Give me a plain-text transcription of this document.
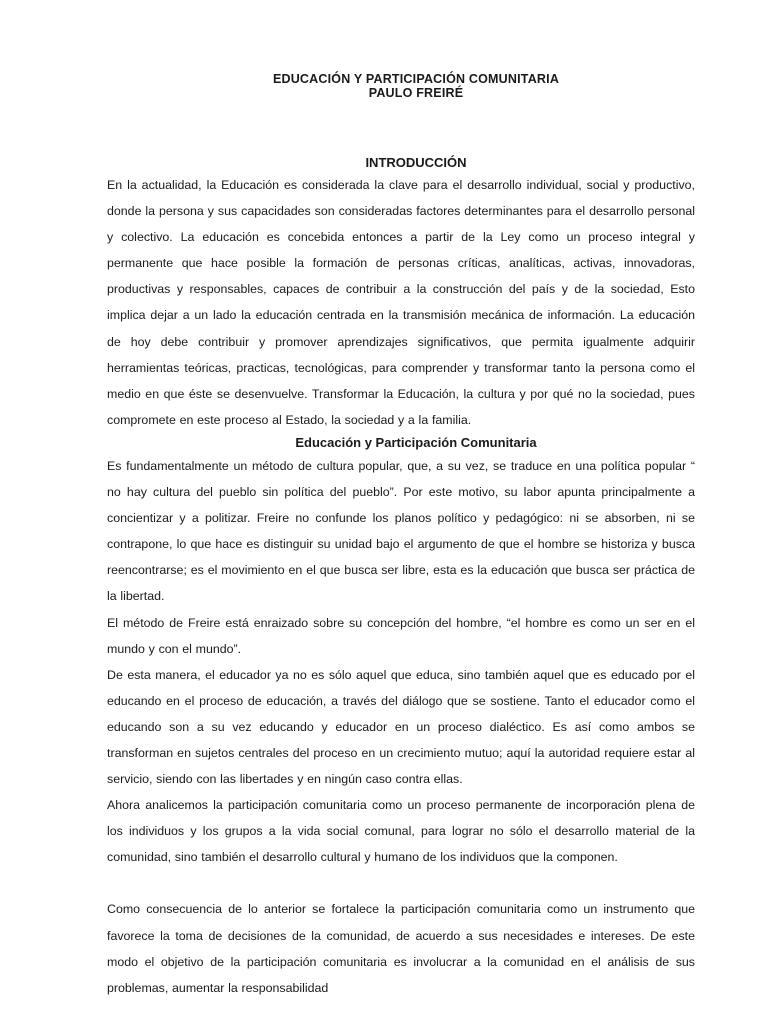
EDUCACIÓN Y PARTICIPACIÓN COMUNITARIA
PAULO FREIRÉ
INTRODUCCIÓN

En la actualidad, la Educación es considerada la clave para el desarrollo individual, social y productivo, donde la persona y sus capacidades son consideradas factores determinantes para el desarrollo personal y colectivo. La educación es concebida entonces a partir de la Ley como un proceso integral y permanente que hace posible la formación de personas críticas, analíticas, activas, innovadoras, productivas y responsables, capaces de contribuir a la construcción del país y de la sociedad, Esto implica dejar a un lado la educación centrada en la transmisión mecánica de información. La educación de hoy debe contribuir y promover aprendizajes significativos, que permita igualmente adquirir herramientas teóricas, practicas, tecnológicas, para comprender y transformar tanto la persona como el medio en que éste se desenvuelve. Transformar la Educación, la cultura y por qué no la sociedad, pues compromete en este proceso al Estado, la sociedad y a la familia.

Educación y Participación Comunitaria

Es fundamentalmente un método de cultura popular, que, a su vez, se traduce en una política popular “ no hay cultura del pueblo sin política del pueblo”. Por este motivo, su labor apunta principalmente a concientizar y a politizar. Freire no confunde los planos político y pedagógico: ni se absorben, ni se contrapone, lo que hace es distinguir su unidad bajo el argumento de que el hombre se historiza y busca reencontrarse; es el movimiento en el que busca ser libre, esta es la educación que busca ser práctica de la libertad.

El método de Freire está enraizado sobre su concepción del hombre, “el hombre es como un ser en el mundo y con el mundo”.

De esta manera, el educador ya no es sólo aquel que educa, sino también aquel que es educado por el educando en el proceso de educación, a través del diálogo que se sostiene. Tanto el educador como el educando son a su vez educando y educador en un proceso dialéctico. Es así como ambos se transforman en sujetos centrales del proceso en un crecimiento mutuo; aquí la autoridad requiere estar al servicio, siendo con las libertades y en ningún caso contra ellas.

Ahora analicemos la participación comunitaria como un proceso permanente de incorporación plena de los individuos y los grupos a la vida social comunal, para lograr no sólo el desarrollo material de la comunidad, sino también el desarrollo cultural y humano de los individuos que la componen.

Como consecuencia de lo anterior se fortalece la participación comunitaria como un instrumento que favorece la toma de decisiones de la comunidad, de acuerdo a sus necesidades e intereses. De este modo el objetivo de la participación comunitaria es involucrar a la comunidad en el análisis de sus problemas, aumentar la responsabilidad
